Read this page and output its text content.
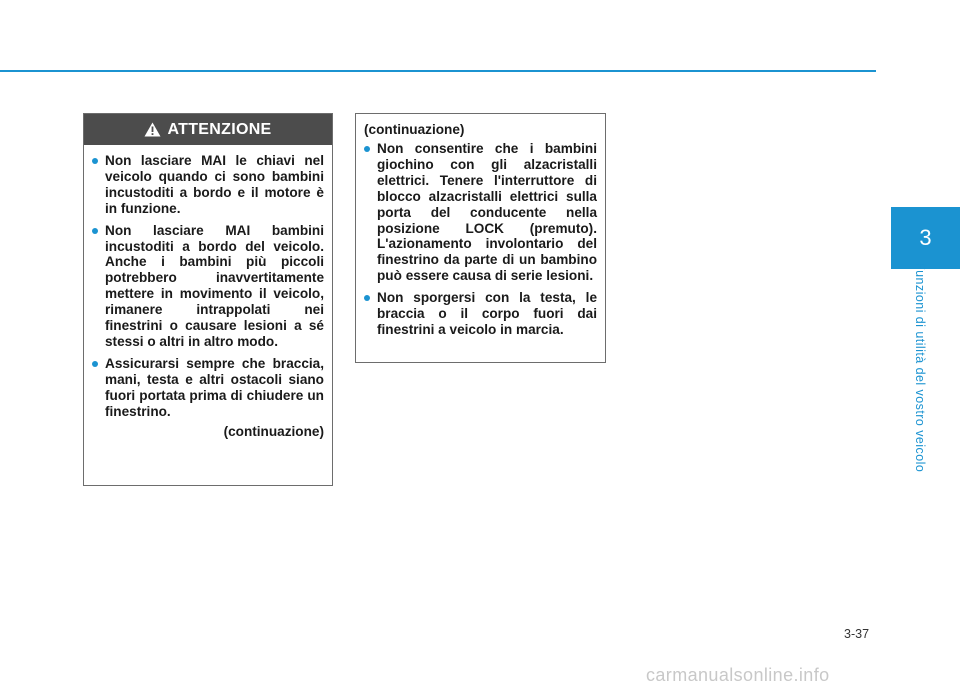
3
Funzioni di utilità del vostro veicolo
ATTENZIONE
Non lasciare MAI le chiavi nel veicolo quando ci sono bambini incustoditi a bordo e il motore è in funzione.
Non lasciare MAI bambini incustoditi a bordo del veicolo. Anche i bambini più piccoli potrebbero inavvertitamente mettere in movimento il veicolo, rimanere intrappolati nei finestrini o causare lesioni a sé stessi o altri in altro modo.
Assicurarsi sempre che braccia, mani, testa e altri ostacoli siano fuori portata prima di chiudere un finestrino.
(continuazione)
(continuazione)
Non consentire che i bambini giochino con gli alzacristalli elettrici. Tenere l'interruttore di blocco alzacristalli elettrici sulla porta del conducente nella posizione LOCK (premuto). L'azionamento involontario del finestrino da parte di un bambino può essere causa di serie lesioni.
Non sporgersi con la testa, le braccia o il corpo fuori dai finestrini a veicolo in marcia.
3-37
carmanualsonline.info
